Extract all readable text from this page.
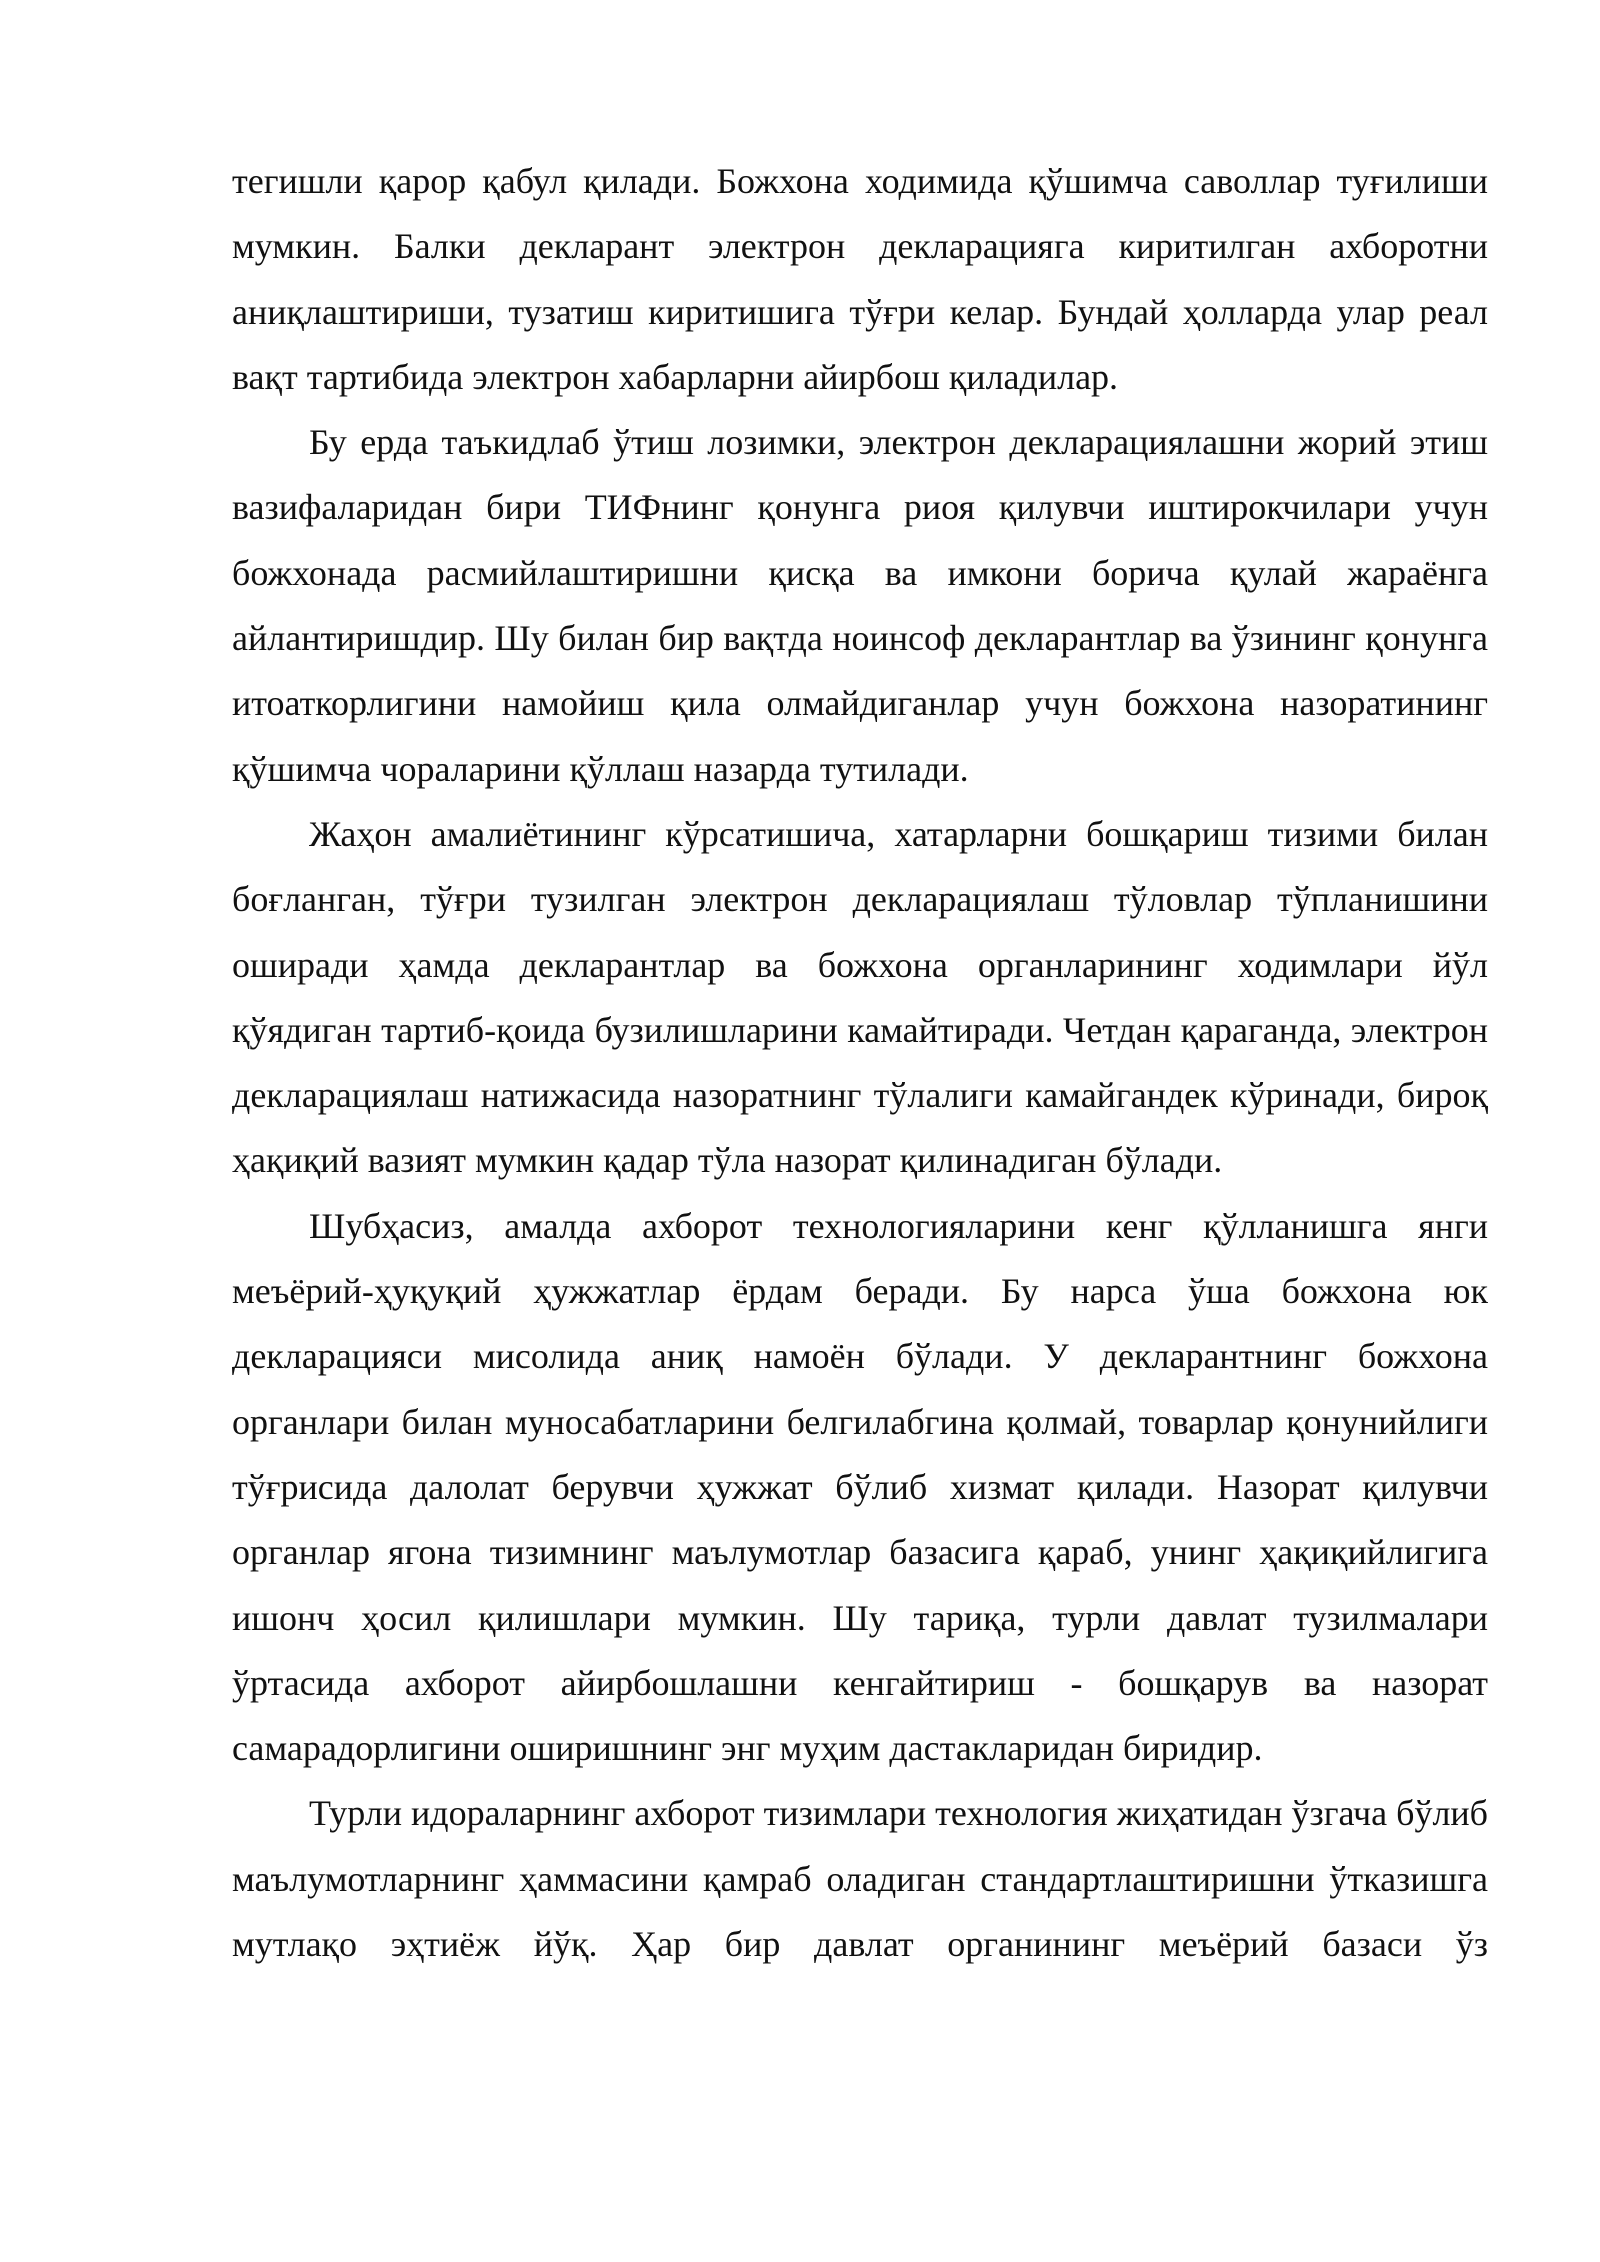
тегишли қарор қабул қилади. Божхона ходимида қўшимча саволлар туғилиши мумкин. Балки декларант электрон декларацияга киритилган ахборотни аниқлаштириши, тузатиш киритишига тўғри келар. Бундай ҳолларда улар реал вақт тартибида электрон хабарларни айирбош қиладилар.

Бу ерда таъкидлаб ўтиш лозимки, электрон декларациялашни жорий этиш вазифаларидан бири ТИФнинг қонунга риоя қилувчи иштирокчилари учун божхонада расмийлаштиришни қисқа ва имкони борича қулай жараёнга айлантиришдир. Шу билан бир вақтда ноинсоф декларантлар ва ўзининг қонунга итоаткорлигини намойиш қила олмайдиганлар учун божхона назоратининг қўшимча чораларини қўллаш назарда тутилади.

Жаҳон амалиётининг кўрсатишича, хатарларни бошқариш тизими билан боғланган, тўғри тузилган электрон декларациялаш тўловлар тўпланишини оширади ҳамда декларантлар ва божхона органларининг ходимлари йўл қўядиган тартиб-қоида бузилишларини камайтиради. Четдан қараганда, электрон декларациялаш натижасида назоратнинг тўлалиги камайгандек кўринади, бироқ ҳақиқий вазият мумкин қадар тўла назорат қилинадиган бўлади.

Шубҳасиз, амалда ахборот технологияларини кенг қўлланишга янги меъёрий-ҳуқуқий ҳужжатлар ёрдам беради. Бу нарса ўша божхона юк декларацияси мисолида аниқ намоён бўлади. У декларантнинг божхона органлари билан муносабатларини белгилабгина қолмай, товарлар қонунийлиги тўғрисида далолат берувчи ҳужжат бўлиб хизмат қилади. Назорат қилувчи органлар ягона тизимнинг маълумотлар базасига қараб, унинг ҳақиқийлигига ишонч ҳосил қилишлари мумкин. Шу тариқа, турли давлат тузилмалари ўртасида ахборот айирбошлашни кенгайтириш - бошқарув ва назорат самарадорлигини оширишнинг энг муҳим дастакларидан биридир.

Турли идораларнинг ахборот тизимлари технология жиҳатидан ўзгача бўлиб маълумотларнинг ҳаммасини қамраб оладиган стандартлаштиришни ўтказишга мутлақо эҳтиёж йўқ. Ҳар бир давлат органининг меъёрий базаси ўз
